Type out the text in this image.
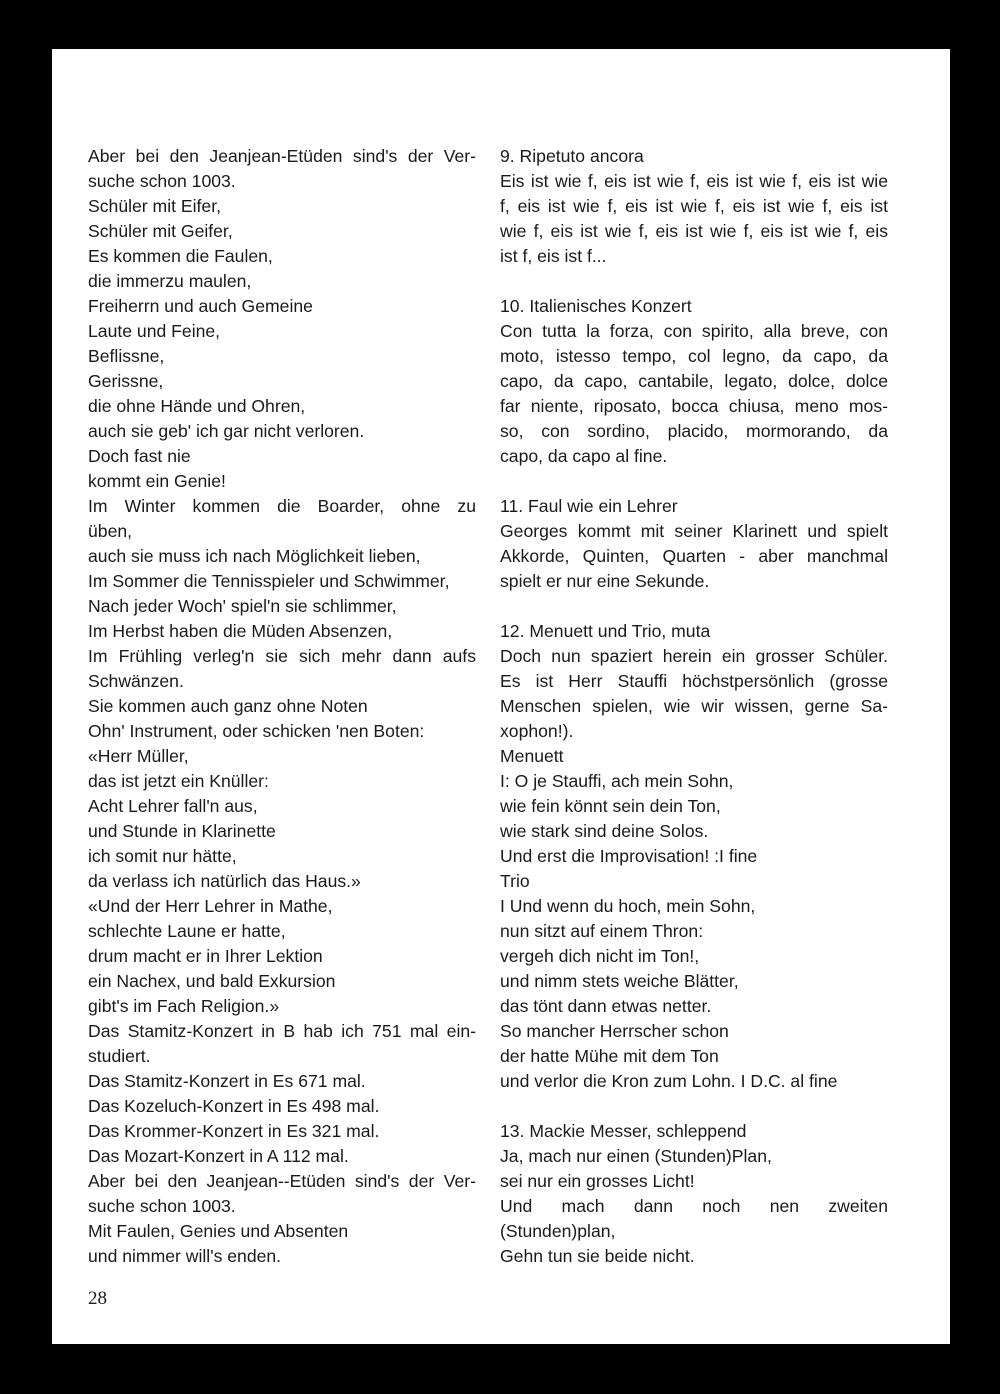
Aber bei den Jeanjean-Etüden sind's der Ver-
suche schon 1003.
Schüler mit Eifer,
Schüler mit Geifer,
Es kommen die Faulen,
die immerzu maulen,
Freiherrn und auch Gemeine
Laute und Feine,
Beflissne,
Gerissne,
die ohne Hände und Ohren,
auch sie geb' ich gar nicht verloren.
Doch fast nie
kommt ein Genie!
Im Winter kommen die Boarder, ohne zu
üben,
auch sie muss ich nach Möglichkeit lieben,
Im Sommer die Tennisspieler und Schwimmer,
Nach jeder Woch' spiel'n sie schlimmer,
Im Herbst haben die Müden Absenzen,
Im Frühling verleg'n sie sich mehr dann aufs
Schwänzen.
Sie kommen auch ganz ohne Noten
Ohn' Instrument, oder schicken 'nen Boten:
«Herr Müller,
das ist jetzt ein Knüller:
Acht Lehrer fall'n aus,
und Stunde in Klarinette
ich somit nur hätte,
da verlass ich natürlich das Haus.»
«Und der Herr Lehrer in Mathe,
schlechte Laune er hatte,
drum macht er in Ihrer Lektion
ein Nachex, und bald Exkursion
gibt's im Fach Religion.»
Das Stamitz-Konzert in B hab ich 751 mal ein-
studiert.
Das Stamitz-Konzert in Es 671 mal.
Das Kozeluch-Konzert in Es 498 mal.
Das Krommer-Konzert in Es 321 mal.
Das Mozart-Konzert in A 112 mal.
Aber bei den Jeanjean--Etüden sind's der Ver-
suche schon 1003.
Mit Faulen, Genies und Absenten
und nimmer will's enden.
9. Ripetuto ancora
Eis ist wie f, eis ist wie f, eis ist wie f, eis ist wie
f, eis ist wie f, eis ist wie f, eis ist wie f, eis ist
wie f, eis ist wie f, eis ist wie f, eis ist wie f, eis
ist f, eis ist f...
10. Italienisches Konzert
Con tutta la forza, con spirito, alla breve, con
moto, istesso tempo, col legno, da capo, da
capo, da capo, cantabile, legato, dolce, dolce
far niente, riposato, bocca chiusa, meno mos-
so, con sordino, placido, mormorando, da
capo, da capo al fine.
11. Faul wie ein Lehrer
Georges kommt mit seiner Klarinett und spielt
Akkorde, Quinten, Quarten - aber manchmal
spielt er nur eine Sekunde.
12. Menuett und Trio, muta
Doch nun spaziert herein ein grosser Schüler.
Es ist Herr Stauffi höchstpersönlich (grosse
Menschen spielen, wie wir wissen, gerne Sa-
xophon!).
Menuett
I: O je Stauffi, ach mein Sohn,
wie fein könnt sein dein Ton,
wie stark sind deine Solos.
Und erst die Improvisation! :I fine
Trio
I Und wenn du hoch, mein Sohn,
nun sitzt auf einem Thron:
vergeh dich nicht im Ton!,
und nimm stets weiche Blätter,
das tönt dann etwas netter.
So mancher Herrscher schon
der hatte Mühe mit dem Ton
und verlor die Kron zum Lohn. I D.C. al fine
13. Mackie Messer, schleppend
Ja, mach nur einen (Stunden)Plan,
sei nur ein grosses Licht!
Und mach dann noch nen zweiten
(Stunden)plan,
Gehn tun sie beide nicht.
28
